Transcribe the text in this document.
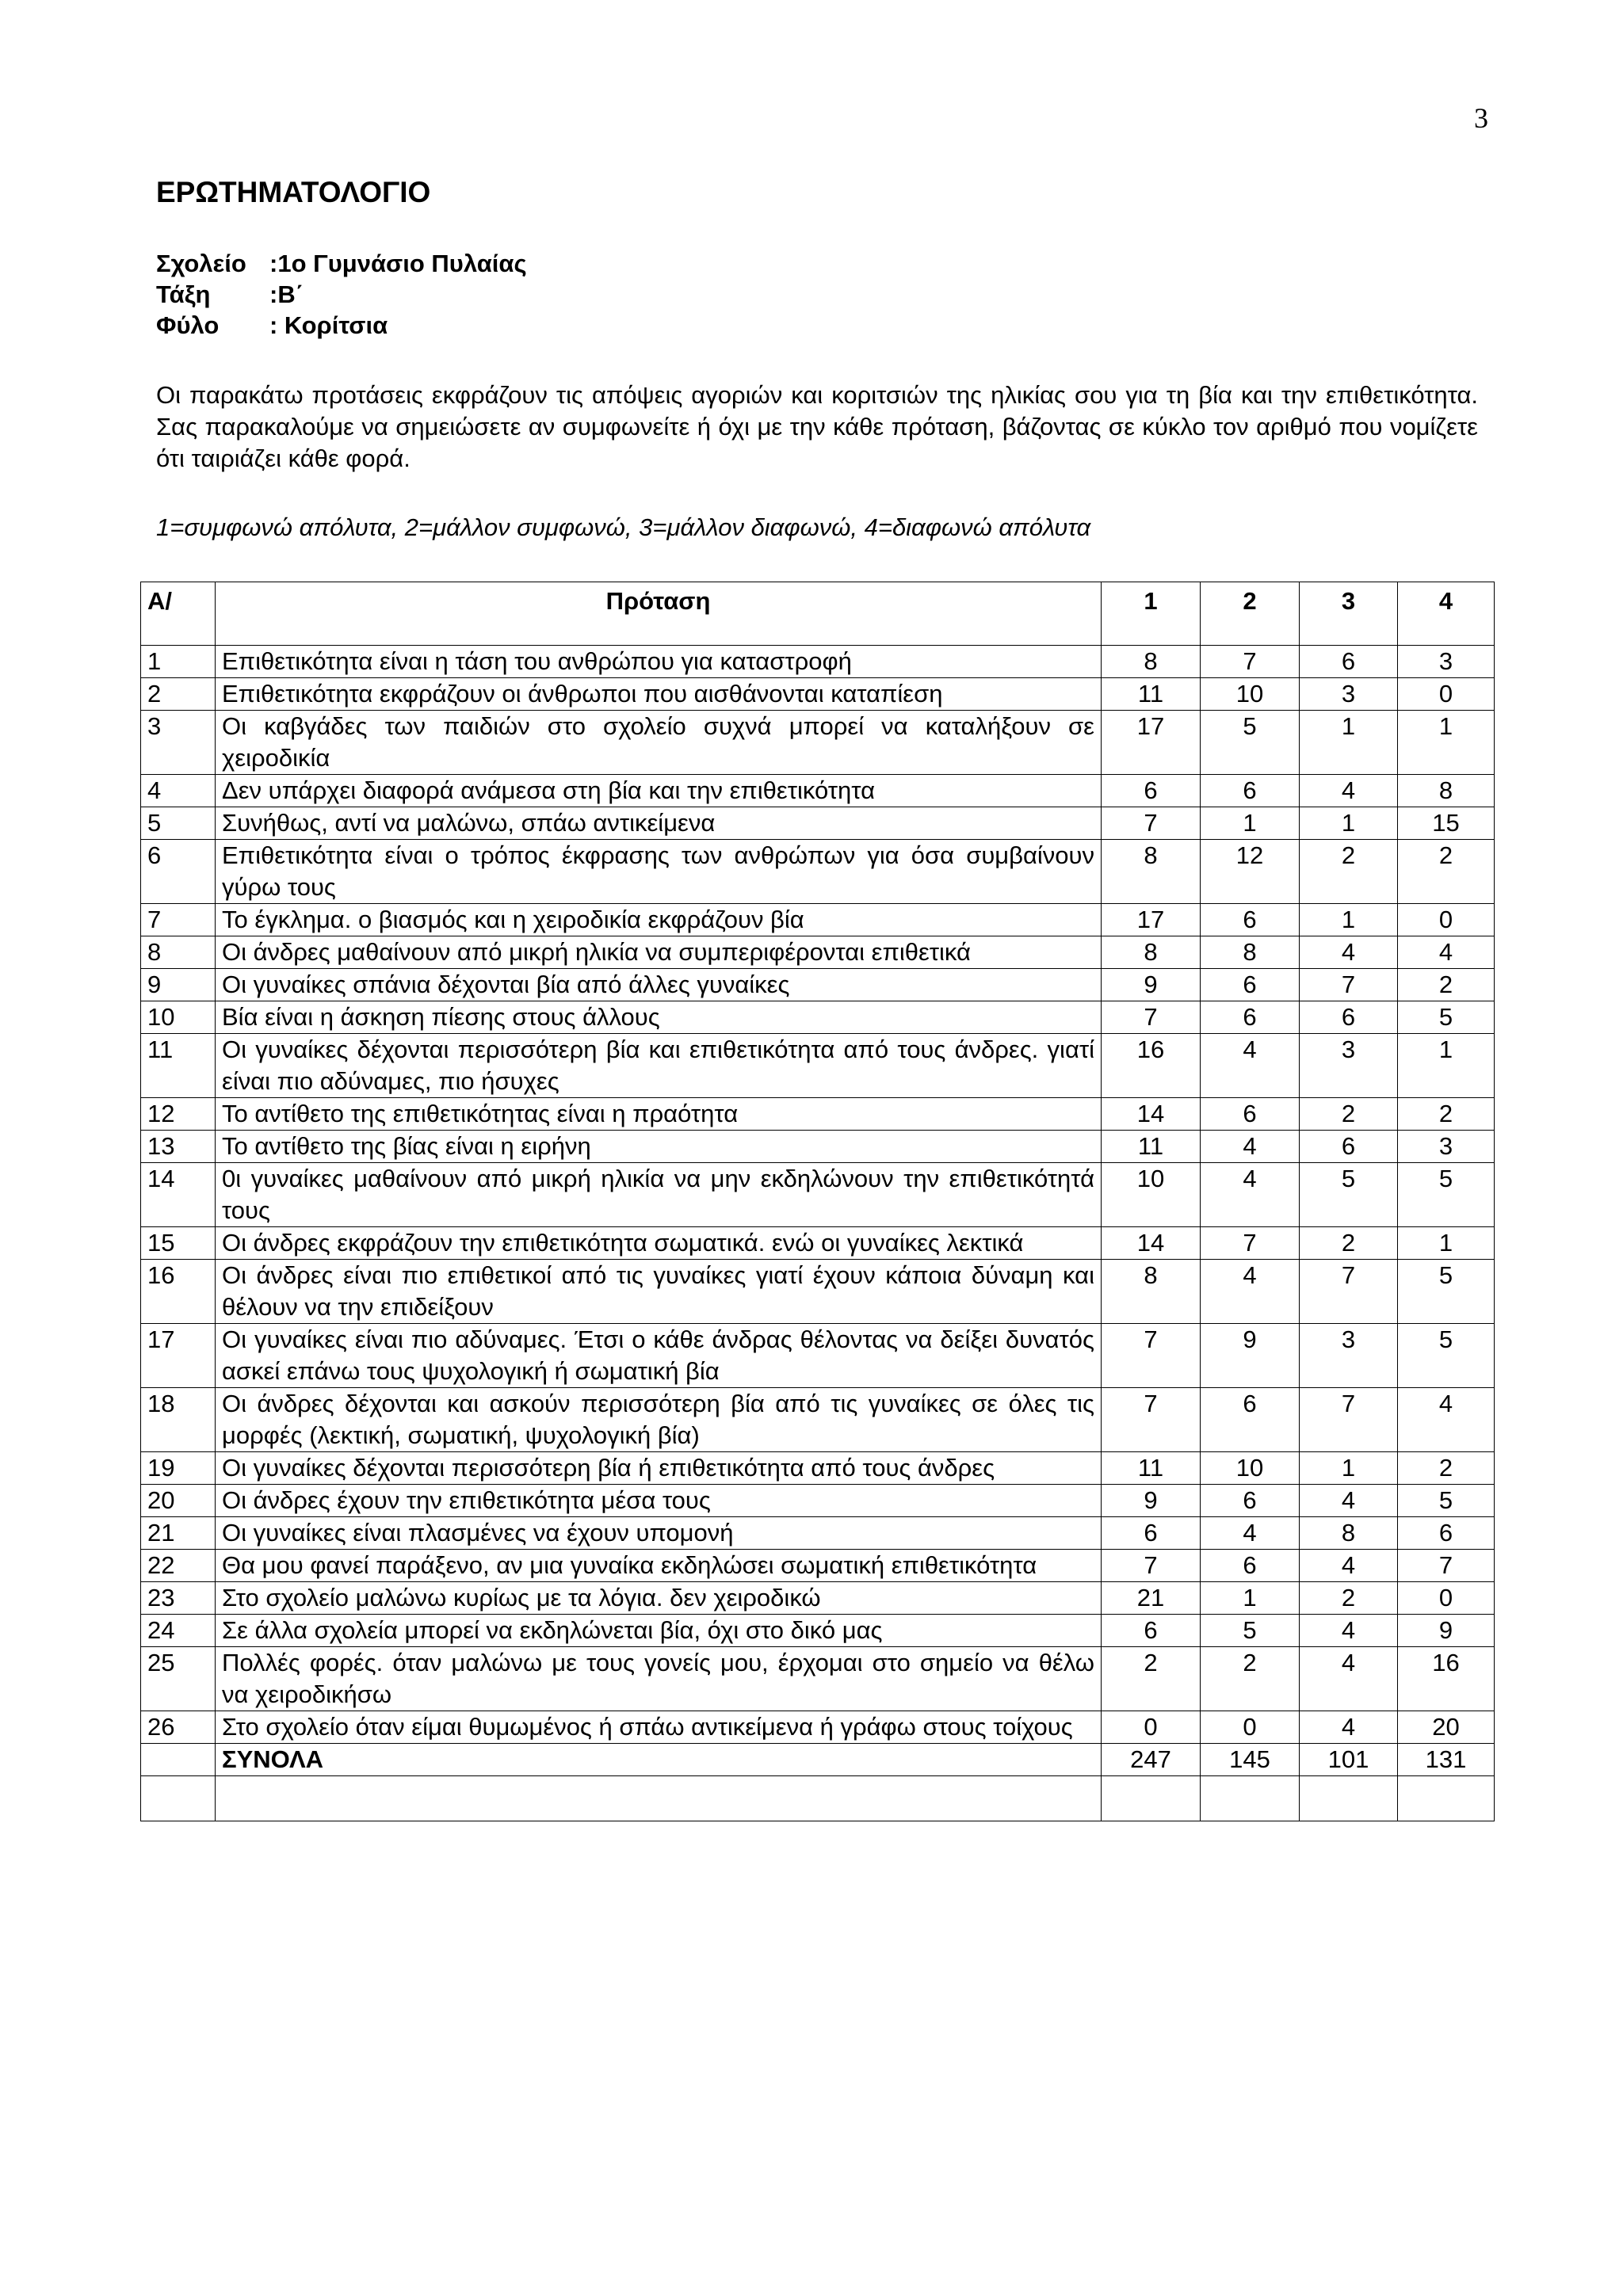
3
ΕΡΩΤΗΜΑΤΟΛΟΓΙΟ
Σχολείο :1ο Γυμνάσιο Πυλαίας
Τάξη	:Β΄
Φύλο	: Κορίτσια

Οι παρακάτω προτάσεις εκφράζουν τις απόψεις αγοριών και κοριτσιών της ηλικίας σου για τη βία και την επιθετικότητα. Σας παρακαλούμε να σημειώσετε αν συμφωνείτε ή όχι με την κάθε πρόταση, βάζοντας σε κύκλο τον αριθμό που νομίζετε ότι ταιριάζει κάθε φορά.

1=συμφωνώ απόλυτα, 2=μάλλον συμφωνώ, 3=μάλλον διαφωνώ, 4=διαφωνώ απόλυτα

Α/	Πρόταση	1	2	3	4
1	Επιθετικότητα είναι η τάση του ανθρώπου για καταστροφή	8	7	6	3
2	Επιθετικότητα εκφράζουν οι άνθρωποι που αισθάνονται καταπίεση	11	10	3	0
3	Οι καβγάδες των παιδιών στο σχολείο συχνά μπορεί να καταλήξουν σε χειροδικία	17	5	1	1
4	Δεν υπάρχει διαφορά ανάμεσα στη βία και την επιθετικότητα	6	6	4	8
5	Συνήθως, αντί να μαλώνω, σπάω αντικείμενα	7	1	1	15
6	Επιθετικότητα είναι ο τρόπος έκφρασης των ανθρώπων για όσα συμβαίνουν γύρω τους	8	12	2	2
7	Το έγκλημα. ο βιασμός και η χειροδικία εκφράζουν βία	17	6	1	0
8	Οι άνδρες μαθαίνουν από μικρή ηλικία να συμπεριφέρονται επιθετικά	8	8	4	4
9	Οι γυναίκες σπάνια δέχονται βία από άλλες γυναίκες	9	6	7	2
10	Βία είναι η άσκηση πίεσης στους άλλους	7	6	6	5
11	Οι γυναίκες δέχονται περισσότερη βία και επιθετικότητα από τους άνδρες. γιατί είναι πιο αδύναμες, πιο ήσυχες	16	4	3	1
12	Το αντίθετο της επιθετικότητας είναι η πραότητα	14	6	2	2
13	Το αντίθετο της βίας είναι η ειρήνη	11	4	6	3
14	0ι γυναίκες μαθαίνουν από μικρή ηλικία να μην εκδηλώνουν την επιθετικότητά τους	10	4	5	5
15	Οι άνδρες εκφράζουν την επιθετικότητα σωματικά. ενώ οι γυναίκες λεκτικά	14	7	2	1
16	Οι άνδρες είναι πιο επιθετικοί από τις γυναίκες γιατί έχουν κάποια δύναμη και θέλουν να την επιδείξουν	8	4	7	5
17	Οι γυναίκες είναι πιο αδύναμες. Έτσι ο κάθε άνδρας θέλοντας να δείξει δυνατός ασκεί επάνω τους ψυχολογική ή σωματική βία	7	9	3	5
18	Οι άνδρες δέχονται και ασκούν περισσότερη βία από τις γυναίκες σε όλες τις μορφές (λεκτική, σωματική, ψυχολογική βία)	7	6	7	4
19	Οι γυναίκες δέχονται περισσότερη βία ή επιθετικότητα από τους άνδρες	11	10	1	2
20	Οι άνδρες έχουν την επιθετικότητα μέσα τους	9	6	4	5
21	Οι γυναίκες είναι πλασμένες να έχουν υπομονή	6	4	8	6
22	Θα μου φανεί παράξενο, αν μια γυναίκα εκδηλώσει σωματική επιθετικότητα	7	6	4	7
23	Στο σχολείο μαλώνω κυρίως με τα λόγια. δεν χειροδικώ	21	1	2	0
24	Σε άλλα σχολεία μπορεί να εκδηλώνεται βία, όχι στο δικό μας	6	5	4	9
25	Πολλές φορές. όταν μαλώνω με τους γονείς μου, έρχομαι στο σημείο να θέλω να χειροδικήσω	2	2	4	16
26	Στο σχολείο όταν είμαι θυμωμένος ή σπάω αντικείμενα ή γράφω στους τοίχους	0	0	4	20
	ΣΥΝΟΛΑ	247	145	101	131
